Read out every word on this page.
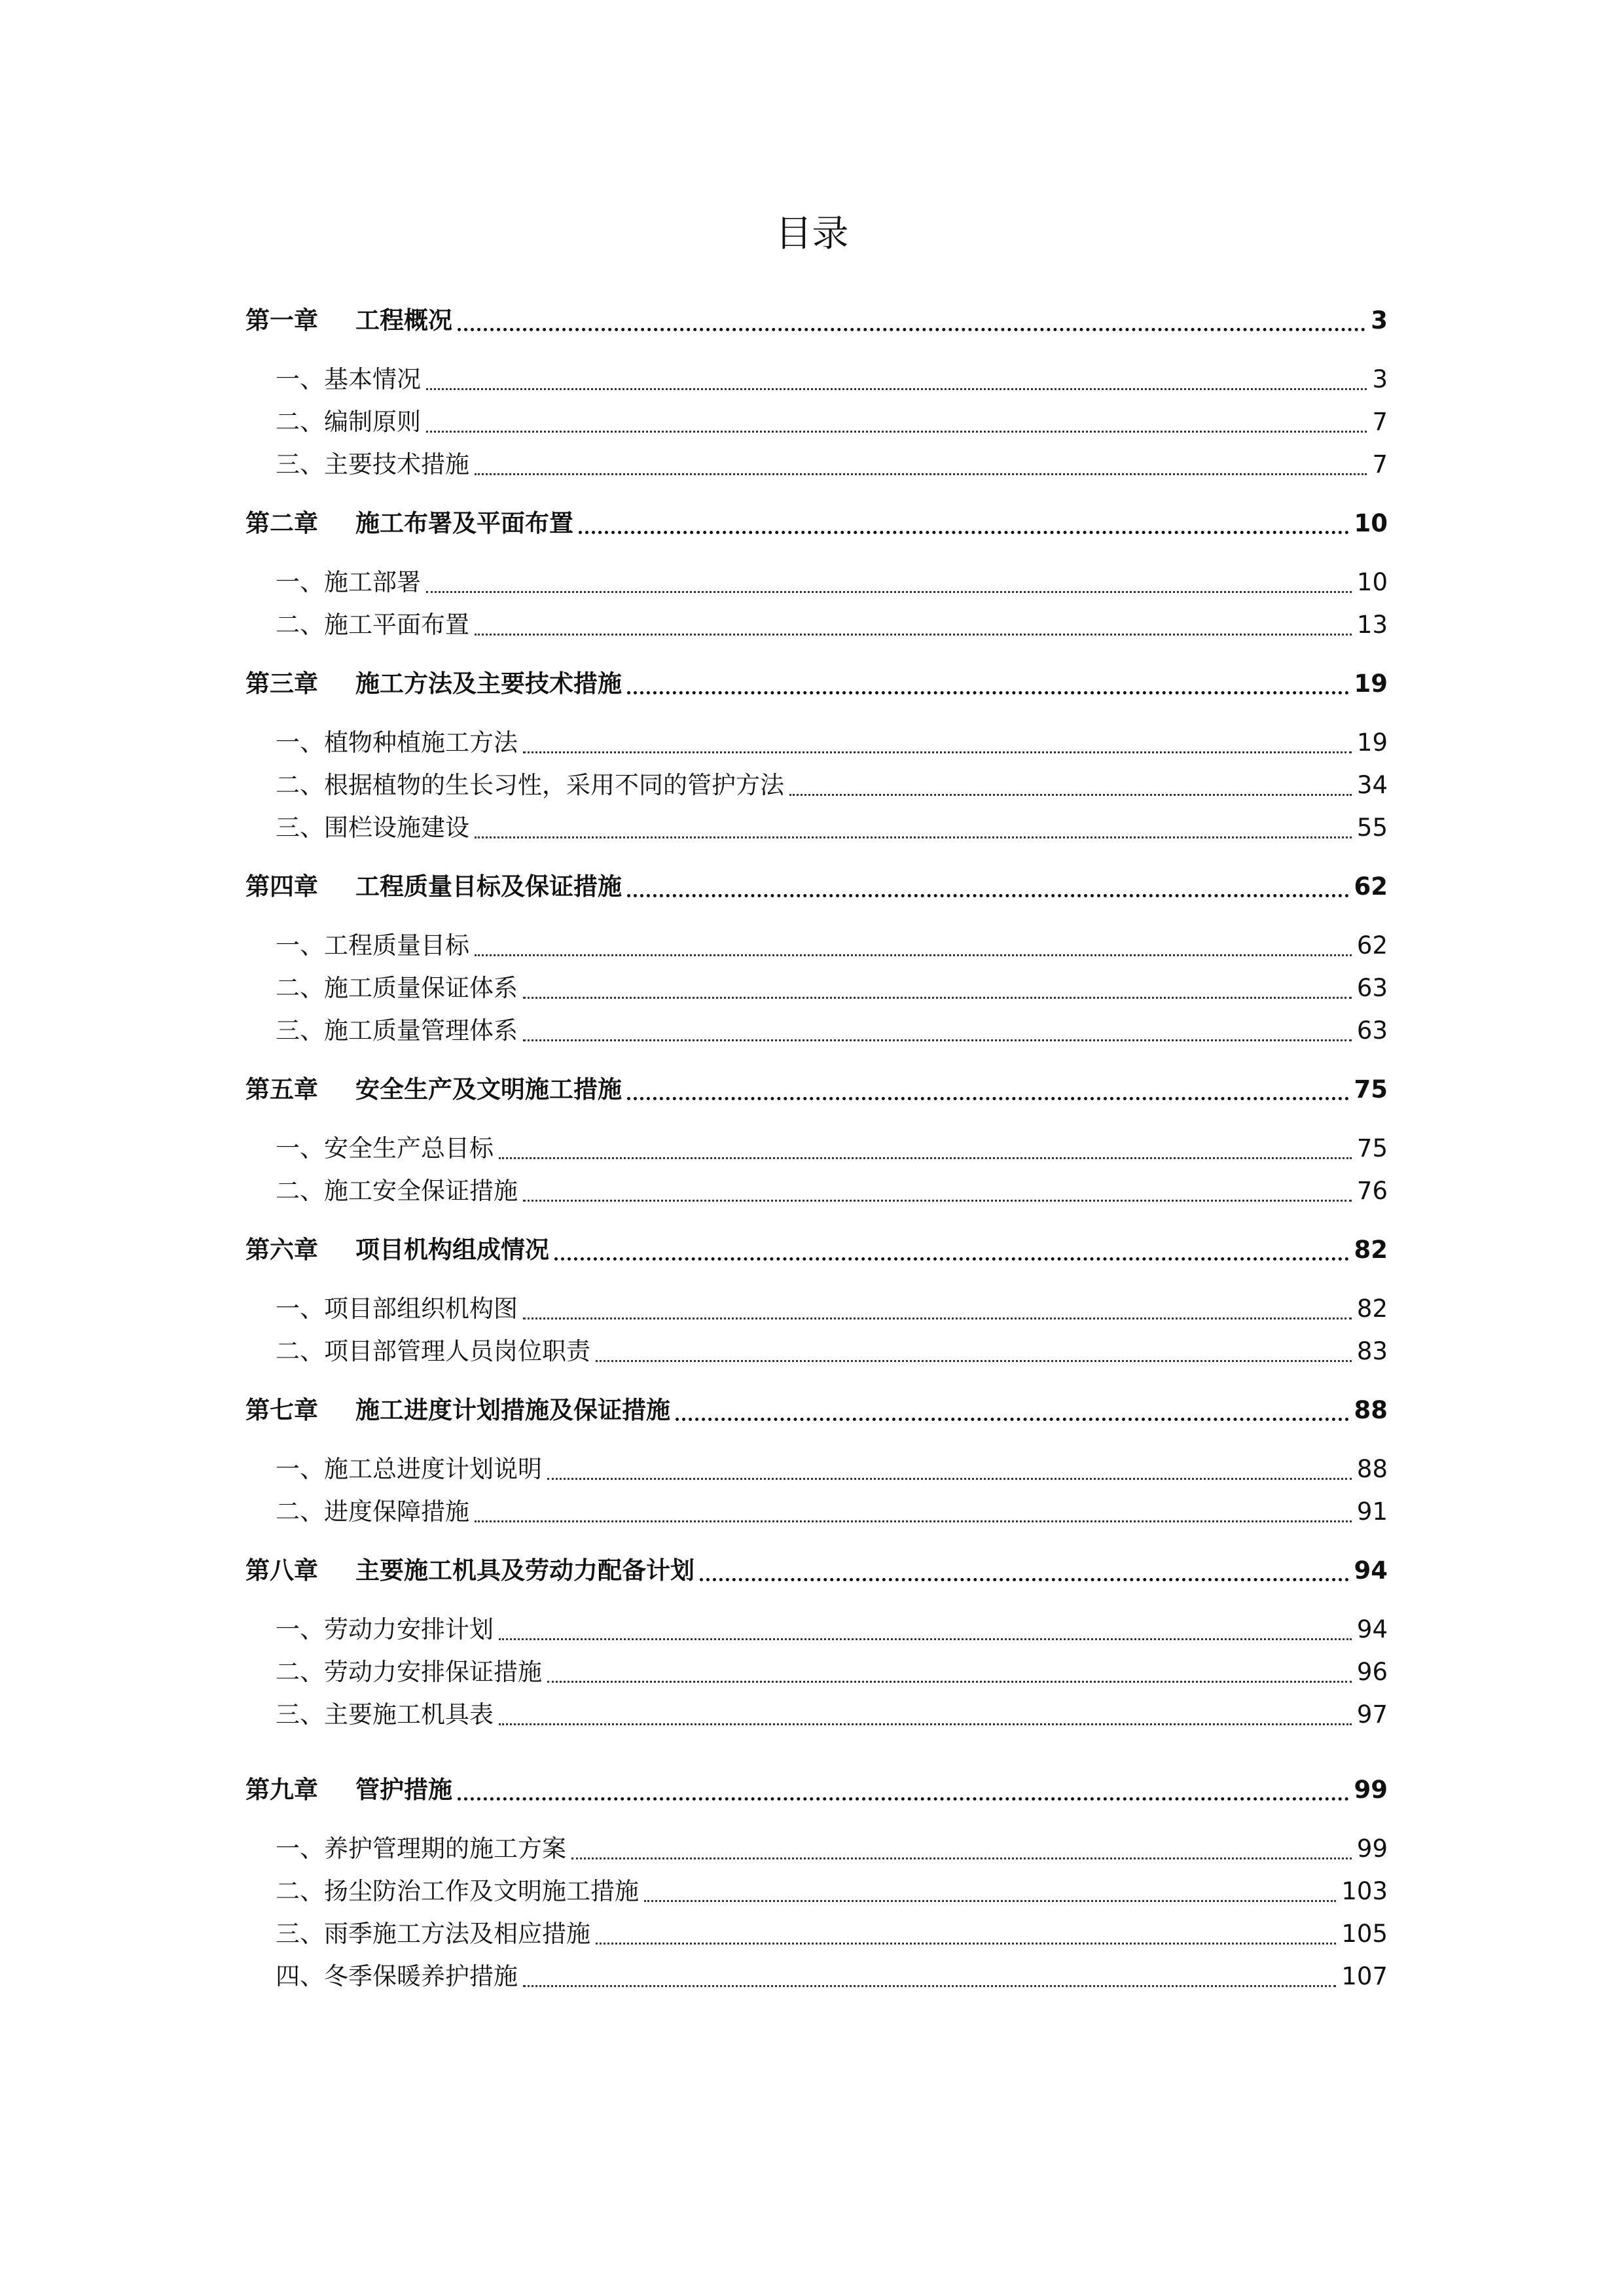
目录
第一章 工程概况	3
一、基本情况	3
二、编制原则	7
三、主要技术措施	7
第二章 施工布署及平面布置	10
一、施工部署	10
二、施工平面布置	13
第三章 施工方法及主要技术措施	19
一、植物种植施工方法	19
二、根据植物的生长习性，采用不同的管护方法	34
三、围栏设施建设	55
第四章 工程质量目标及保证措施	62
一、工程质量目标	62
二、施工质量保证体系	63
三、施工质量管理体系	63
第五章 安全生产及文明施工措施	75
一、安全生产总目标	75
二、施工安全保证措施	76
第六章 项目机构组成情况	82
一、项目部组织机构图	82
二、项目部管理人员岗位职责	83
第七章 施工进度计划措施及保证措施	88
一、施工总进度计划说明	88
二、进度保障措施	91
第八章 主要施工机具及劳动力配备计划	94
一、劳动力安排计划	94
二、劳动力安排保证措施	96
三、主要施工机具表	97
第九章 管护措施	99
一、养护管理期的施工方案	99
二、扬尘防治工作及文明施工措施	103
三、雨季施工方法及相应措施	105
四、冬季保暖养护措施	107
